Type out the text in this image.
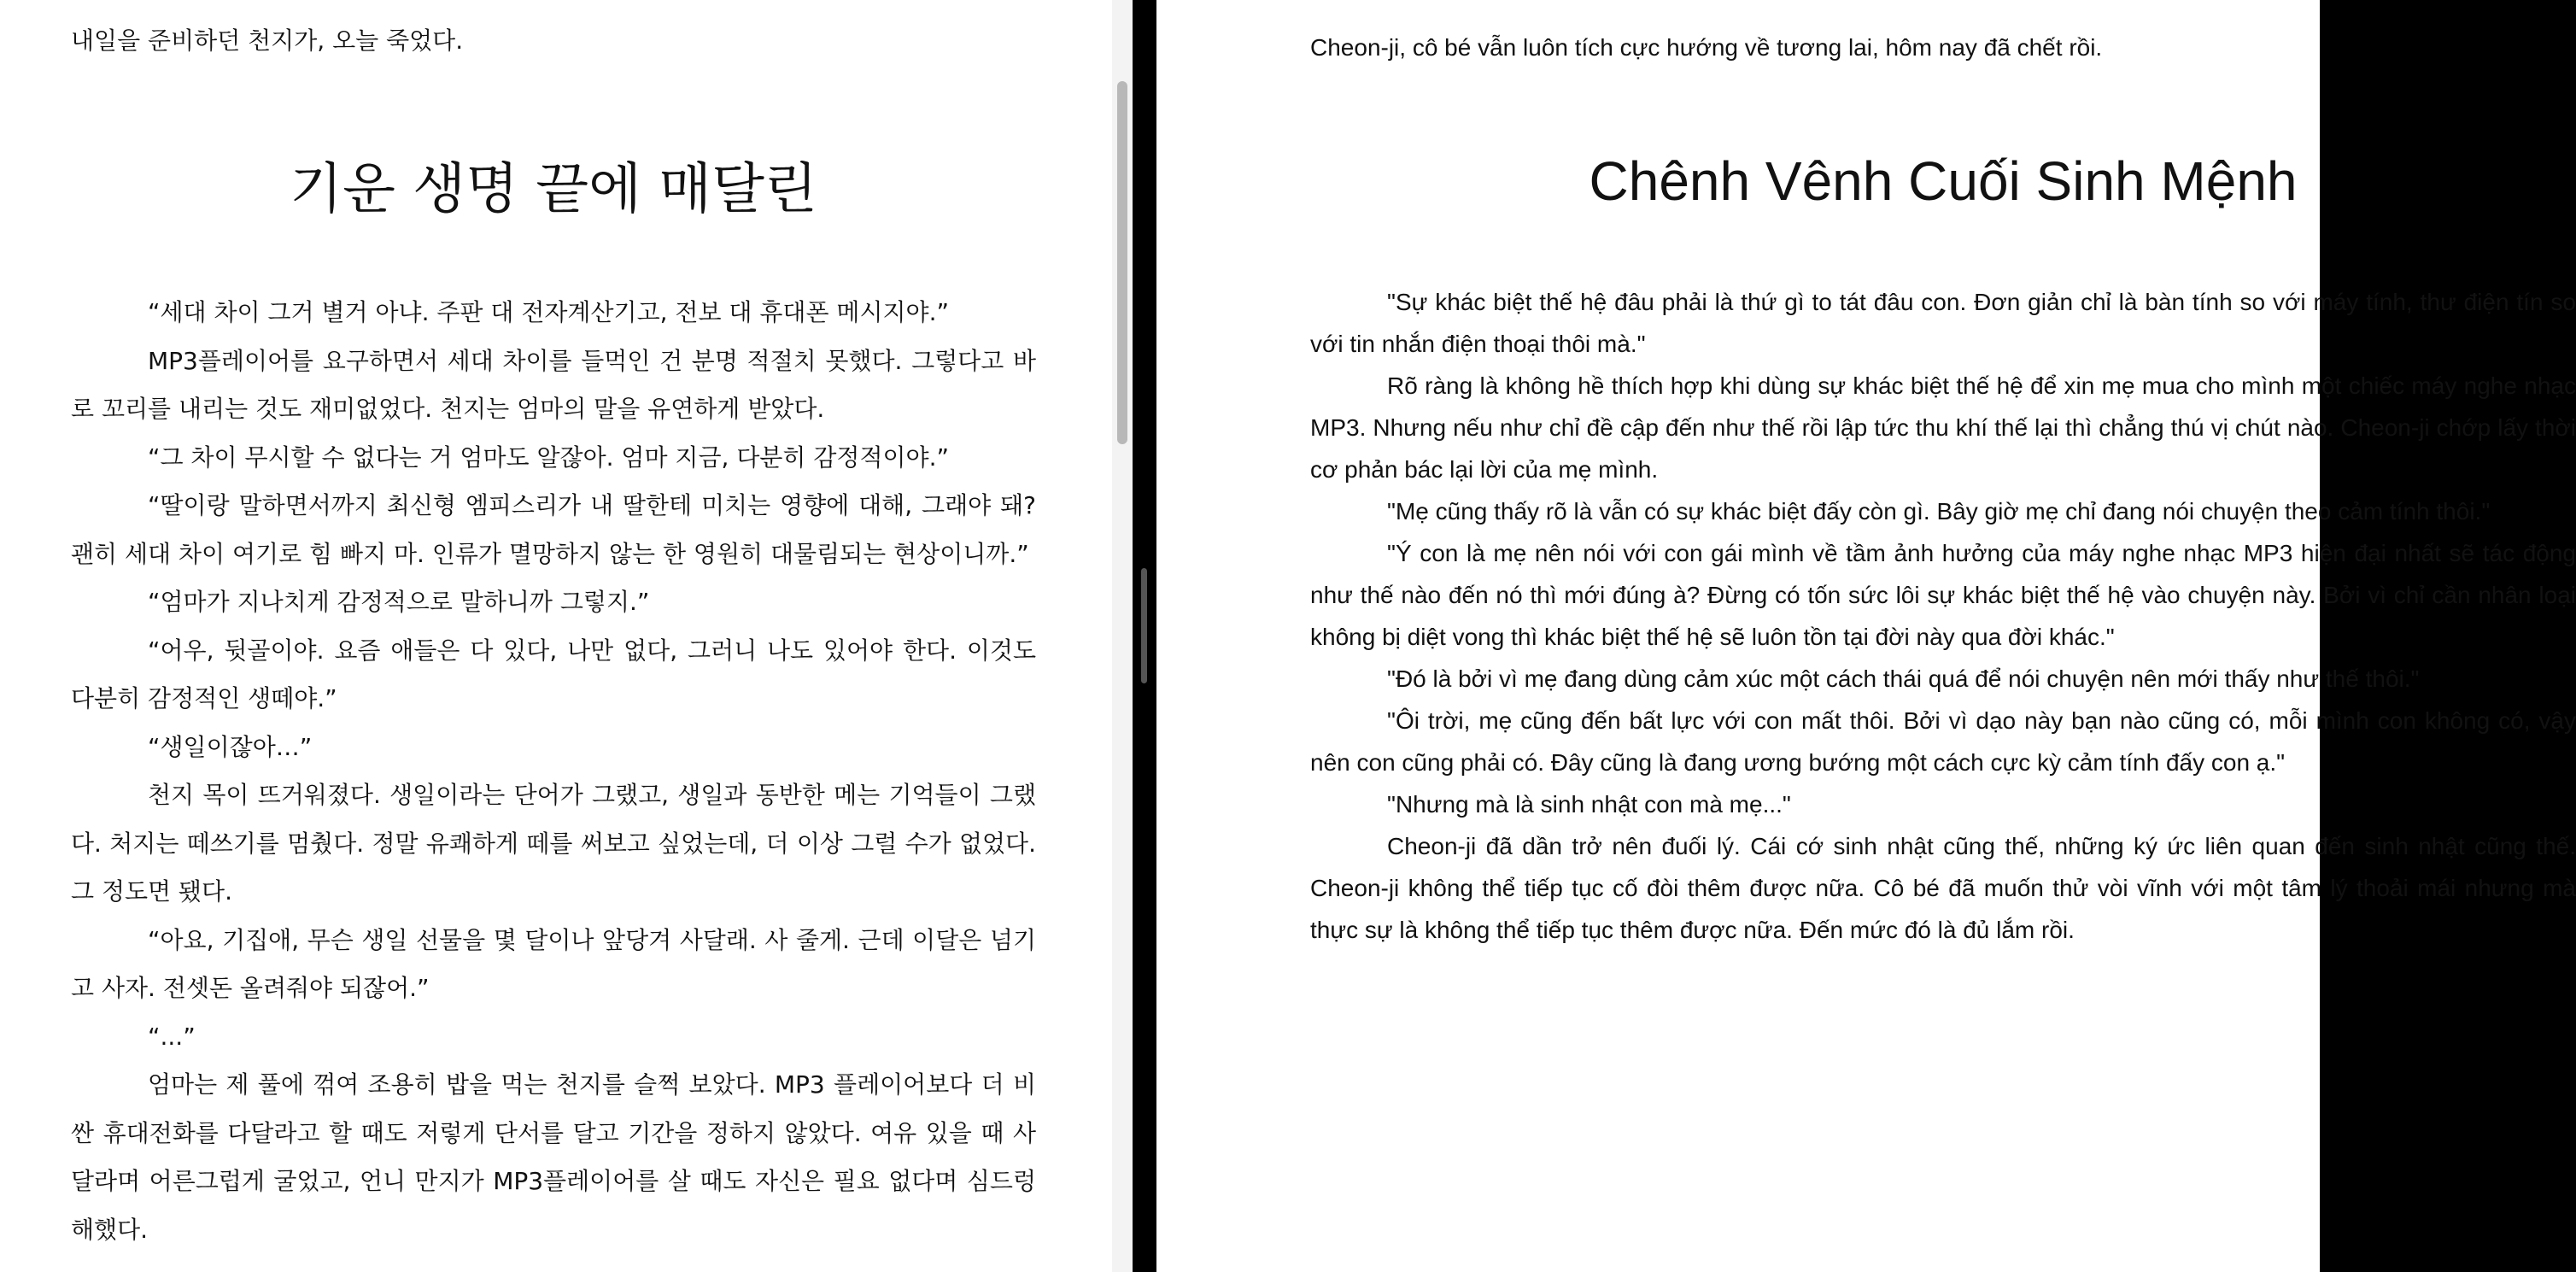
내일을 준비하던 천지가, 오늘 죽었다.
기운 생명 끝에 매달린

“세대 차이 그거 별거 아냐. 주판 대 전자계산기고, 전보 대 휴대폰 메시지야.”

MP3플레이어를 요구하면서 세대 차이를 들먹인 건 분명 적절치 못했다. 그렇다고 바로 꼬리를 내리는 것도 재미없었다. 천지는 엄마의 말을 유연하게 받았다.

“그 차이 무시할 수 없다는 거 엄마도 알잖아. 엄마 지금, 다분히 감정적이야.”

“딸이랑 말하면서까지 최신형 엠피스리가 내 딸한테 미치는 영향에 대해, 그래야 돼? 괜히 세대 차이 여기로 힘 빠지 마. 인류가 멸망하지 않는 한 영원히 대물림되는 현상이니까.”

“엄마가 지나치게 감정적으로 말하니까 그렇지.”

“어우, 뒷골이야. 요즘 애들은 다 있다, 나만 없다, 그러니 나도 있어야 한다. 이것도 다분히 감정적인 생떼야.”

“생일이잖아…”

천지 목이 뜨거워졌다. 생일이라는 단어가 그랬고, 생일과 동반한 메는 기억들이 그랬다. 처지는 떼쓰기를 멈췄다. 정말 유쾌하게 떼를 써보고 싶었는데, 더 이상 그럴 수가 없었다. 그 정도면 됐다.

“아요, 기집애, 무슨 생일 선물을 몇 달이나 앞당겨 사달래. 사 줄게. 근데 이달은 넘기고 사자. 전셋돈 올려줘야 되잖어.”

“...”

엄마는 제 풀에 꺾여 조용히 밥을 먹는 천지를 슬쩍 보았다. MP3 플레이어보다 더 비싼 휴대전화를 다달라고 할 때도 저렇게 단서를 달고 기간을 정하지 않았다. 여유 있을 때 사 달라며 어른그럽게 굴었고, 언니 만지가 MP3플레이어를 살 때도 자신은 필요 없다며 심드렁해했다.

Cheon-ji, cô bé vẫn luôn tích cực hướng về tương lai, hôm nay đã chết rồi.
Chênh Vênh Cuối Sinh Mệnh

"Sự khác biệt thế hệ đâu phải là thứ gì to tát đâu con. Đơn giản chỉ là bàn tính so với máy tính, thư điện tín so với tin nhắn điện thoại thôi mà."

Rõ ràng là không hề thích hợp khi dùng sự khác biệt thế hệ để xin mẹ mua cho mình một chiếc máy nghe nhạc MP3. Nhưng nếu như chỉ đề cập đến như thế rồi lập tức thu khí thế lại thì chẳng thú vị chút nào. Cheon-ji chớp lấy thời cơ phản bác lại lời của mẹ mình.

"Mẹ cũng thấy rõ là vẫn có sự khác biệt đấy còn gì. Bây giờ mẹ chỉ đang nói chuyện theo cảm tính thôi."

"Ý con là mẹ nên nói với con gái mình về tầm ảnh hưởng của máy nghe nhạc MP3 hiện đại nhất sẽ tác động như thế nào đến nó thì mới đúng à? Đừng có tốn sức lôi sự khác biệt thế hệ vào chuyện này. Bởi vì chỉ cần nhân loại không bị diệt vong thì khác biệt thế hệ sẽ luôn tồn tại đời này qua đời khác."

"Đó là bởi vì mẹ đang dùng cảm xúc một cách thái quá để nói chuyện nên mới thấy như thế thôi."

"Ôi trời, mẹ cũng đến bất lực với con mất thôi. Bởi vì dạo này bạn nào cũng có, mỗi mình con không có, vậy nên con cũng phải có. Đây cũng là đang ương bướng một cách cực kỳ cảm tính đấy con ạ."

"Nhưng mà là sinh nhật con mà mẹ..."

Cheon-ji đã dần trở nên đuối lý. Cái cớ sinh nhật cũng thế, những ký ức liên quan đến sinh nhật cũng thế. Cheon-ji không thể tiếp tục cố đòi thêm được nữa. Cô bé đã muốn thử vòi vĩnh với một tâm lý thoải mái nhưng mà thực sự là không thể tiếp tục thêm được nữa. Đến mức đó là đủ lắm rồi.
